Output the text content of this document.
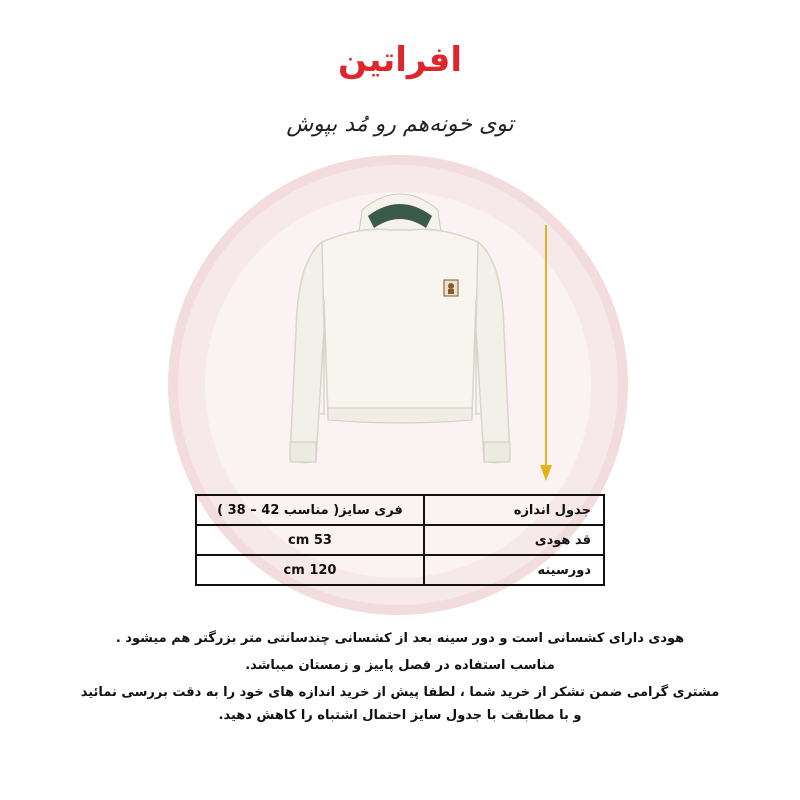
افراتین
توی خونه‌هم رو مُد بپوش
جدول اندازه	فری سایز( مناسب 42 – 38 )
قد هودی	53 cm
دورسینه	120 cm

هودی دارای کشسانی است و دور سینه بعد از کشسانی چندسانتی متر بزرگتر هم میشود .

مناسب استفاده در فصل پاییز و زمستان میباشد.

مشتری گرامی ضمن تشکر از خرید شما ، لطفا پیش از خرید اندازه های خود را به دقت بررسی نمائید و با مطابقت با جدول سایز احتمال اشتباه را کاهش دهید.
